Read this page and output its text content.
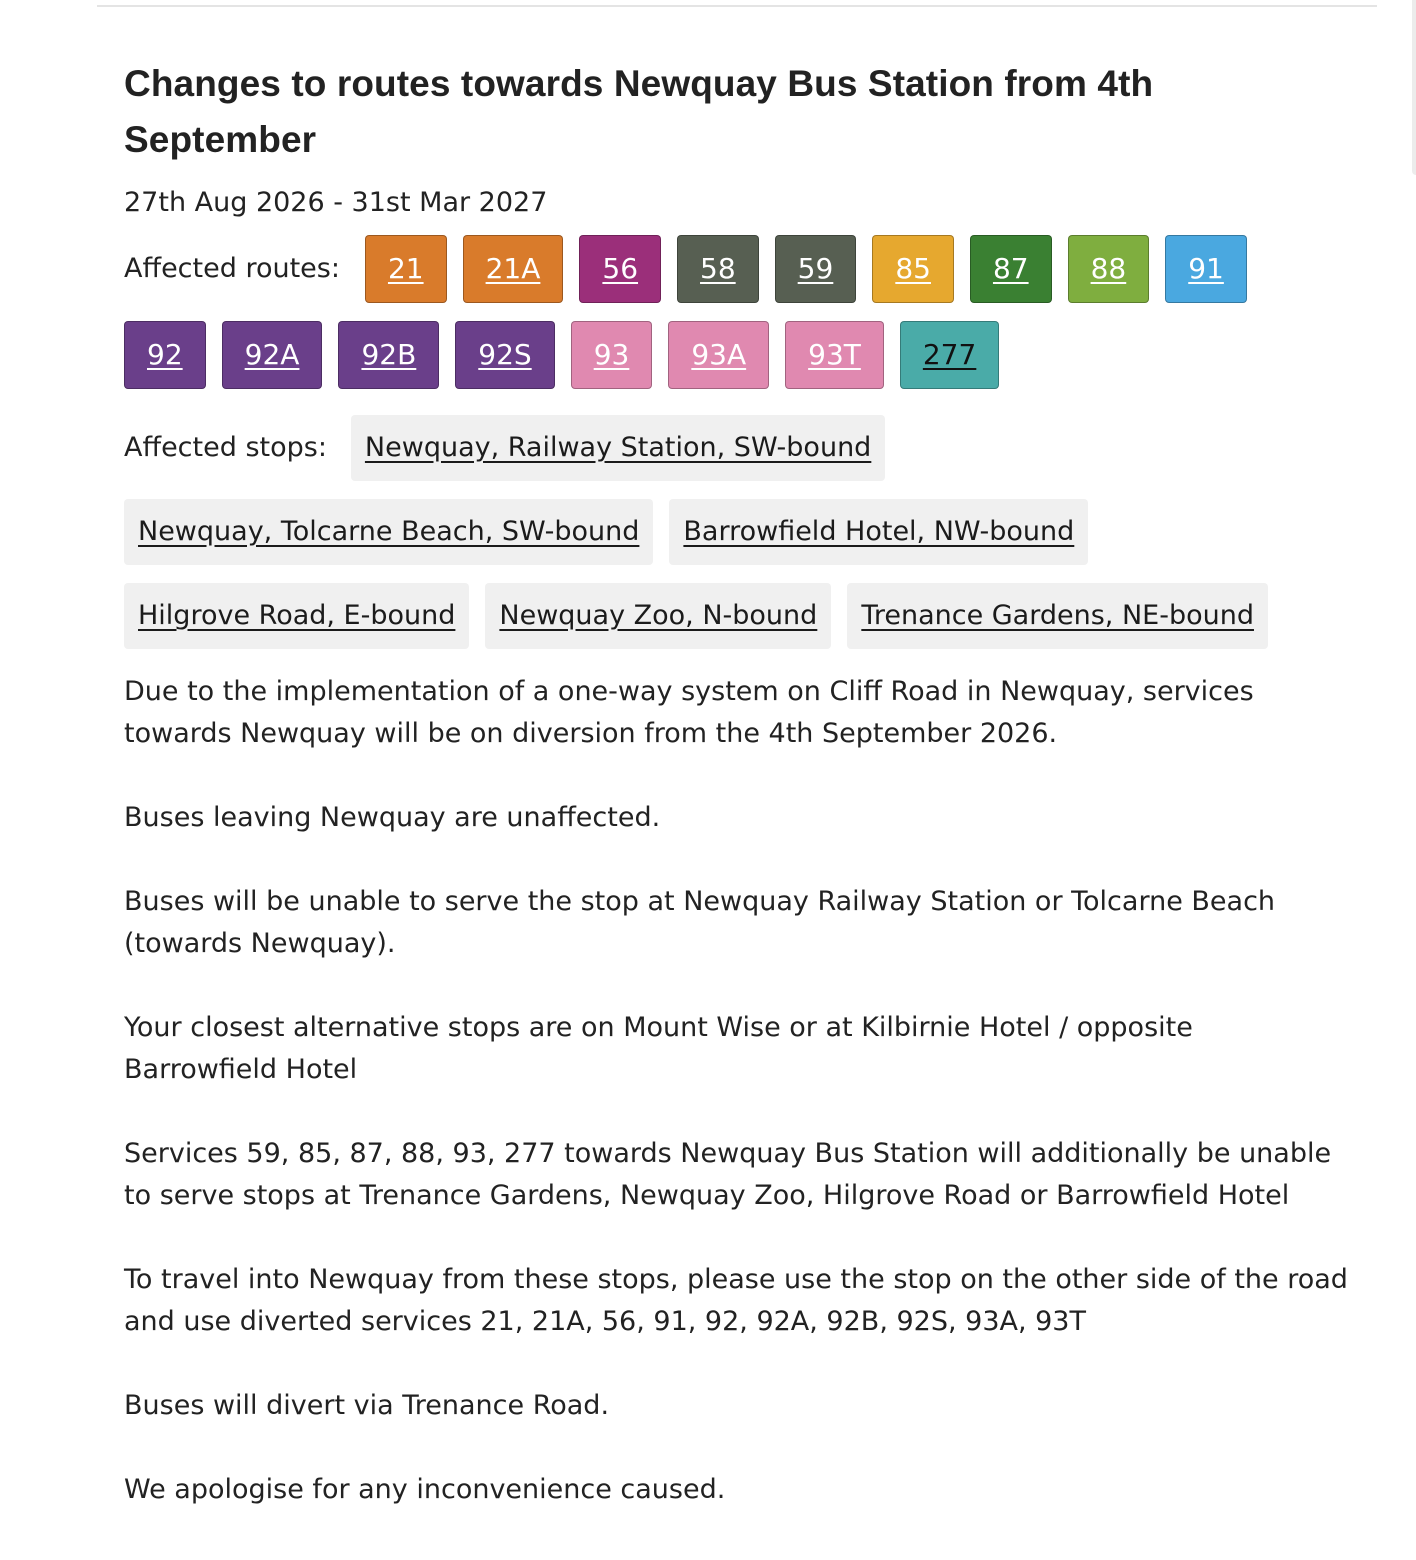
Changes to routes towards Newquay Bus Station from 4th September
27th Aug 2026 - 31st Mar 2027
Affected routes:	21	21A	56	58	59	85	87	88	91
92	92A	92B	92S	93	93A	93T	277
Affected stops:	Newquay, Railway Station, SW-bound
Newquay, Tolcarne Beach, SW-bound	Barrowfield Hotel, NW-bound
Hilgrove Road, E-bound	Newquay Zoo, N-bound	Trenance Gardens, NE-bound

Due to the implementation of a one-way system on Cliff Road in Newquay, services towards Newquay will be on diversion from the 4th September 2026.

Buses leaving Newquay are unaffected.

Buses will be unable to serve the stop at Newquay Railway Station or Tolcarne Beach (towards Newquay).

Your closest alternative stops are on Mount Wise or at Kilbirnie Hotel / opposite Barrowfield Hotel

Services 59, 85, 87, 88, 93, 277 towards Newquay Bus Station will additionally be unable to serve stops at Trenance Gardens, Newquay Zoo, Hilgrove Road or Barrowfield Hotel

To travel into Newquay from these stops, please use the stop on the other side of the road and use diverted services 21, 21A, 56, 91, 92, 92A, 92B, 92S, 93A, 93T

Buses will divert via Trenance Road.

We apologise for any inconvenience caused.
